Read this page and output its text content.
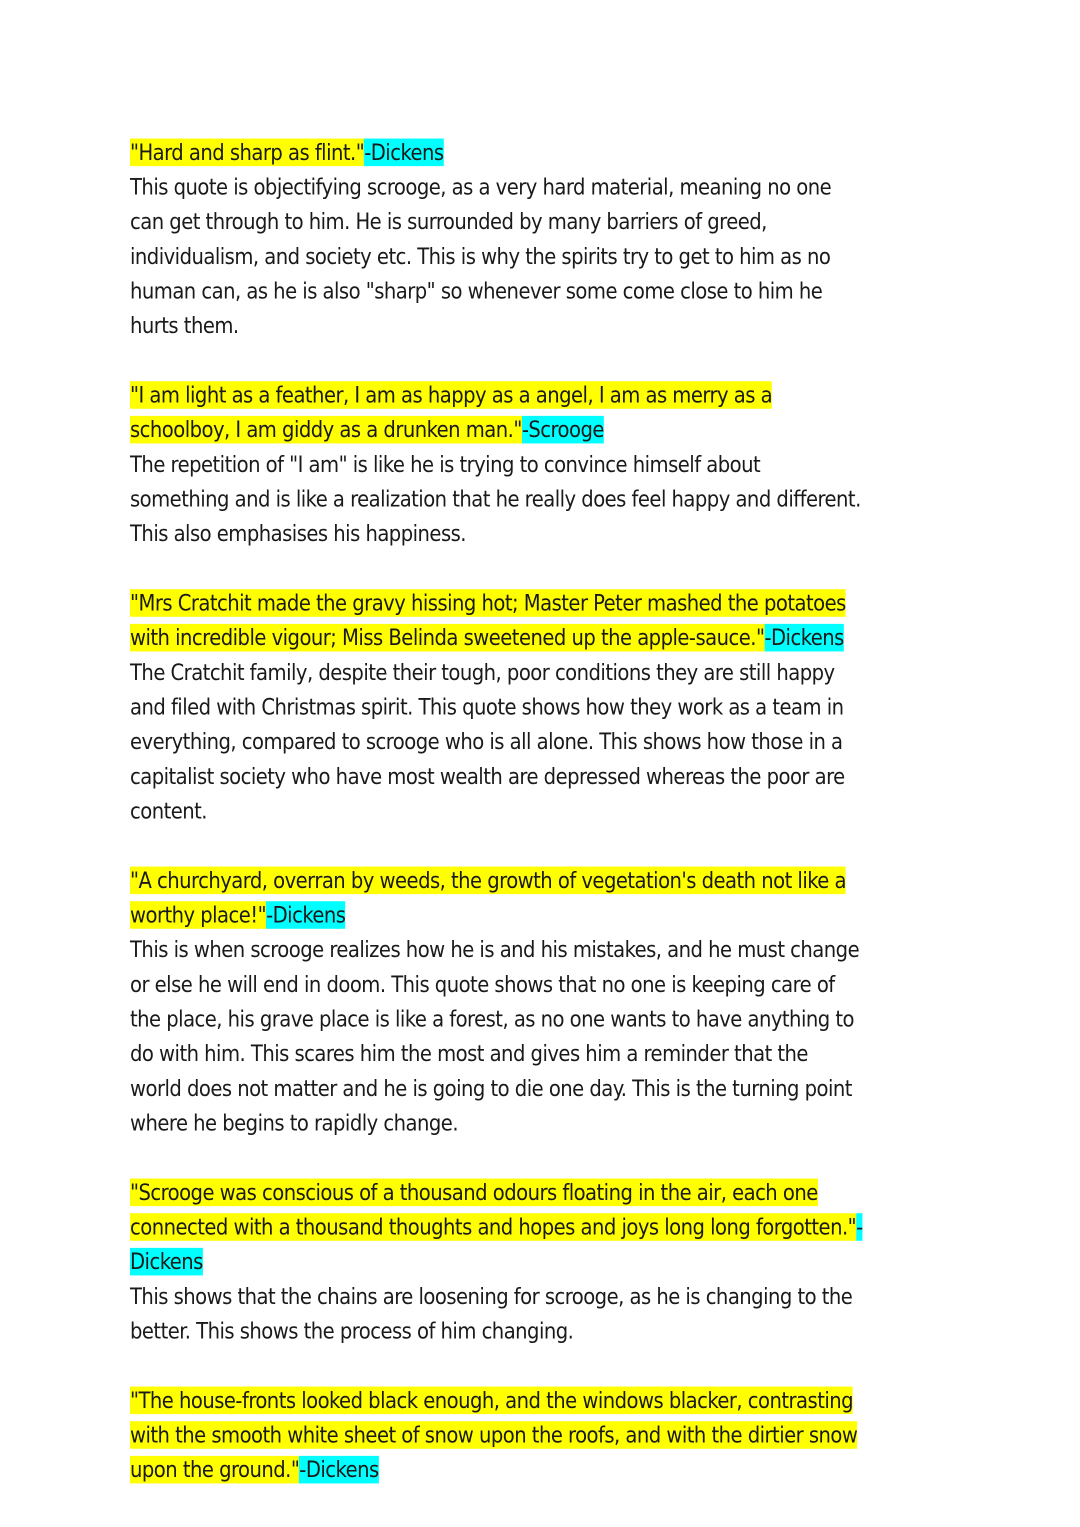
"Hard and sharp as flint."-Dickens

This quote is objectifying scrooge, as a very hard material, meaning no one can get through to him. He is surrounded by many barriers of greed, individualism, and society etc. This is why the spirits try to get to him as no human can, as he is also "sharp" so whenever some come close to him he hurts them.

"I am light as a feather, I am as happy as a angel, I am as merry as a schoolboy, I am giddy as a drunken man."-Scrooge

The repetition of "I am" is like he is trying to convince himself about something and is like a realization that he really does feel happy and different. This also emphasises his happiness.

"Mrs Cratchit made the gravy hissing hot; Master Peter mashed the potatoes with incredible vigour; Miss Belinda sweetened up the apple-sauce."-Dickens

The Cratchit family, despite their tough, poor conditions they are still happy and filed with Christmas spirit. This quote shows how they work as a team in everything, compared to scrooge who is all alone. This shows how those in a capitalist society who have most wealth are depressed whereas the poor are content.

"A churchyard, overran by weeds, the growth of vegetation's death not like a worthy place!"-Dickens

This is when scrooge realizes how he is and his mistakes, and he must change or else he will end in doom. This quote shows that no one is keeping care of the place, his grave place is like a forest, as no one wants to have anything to do with him. This scares him the most and gives him a reminder that the world does not matter and he is going to die one day. This is the turning point where he begins to rapidly change.

"Scrooge was conscious of a thousand odours floating in the air, each one connected with a thousand thoughts and hopes and joys long long forgotten."-Dickens

This shows that the chains are loosening for scrooge, as he is changing to the better. This shows the process of him changing.

"The house-fronts looked black enough, and the windows blacker, contrasting with the smooth white sheet of snow upon the roofs, and with the dirtier snow upon the ground."-Dickens
